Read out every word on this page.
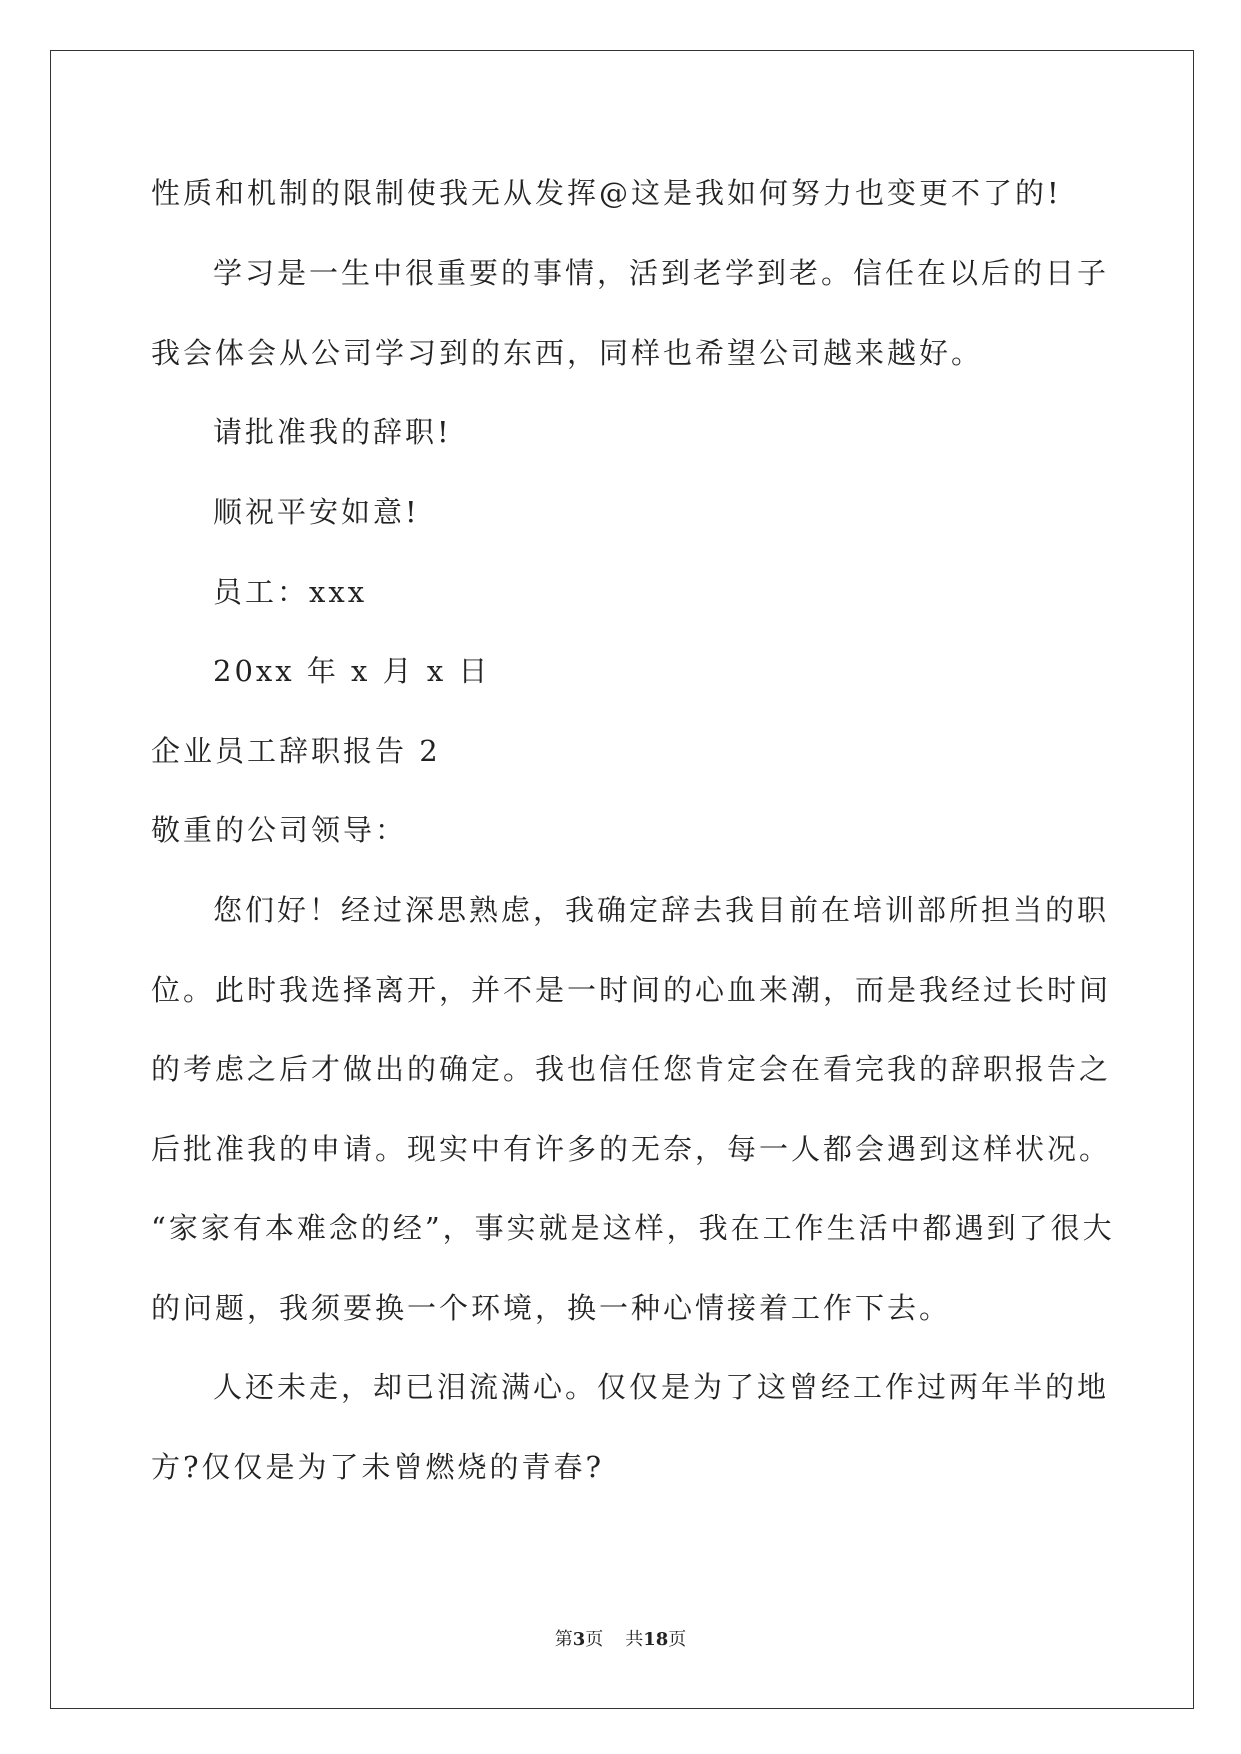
性质和机制的限制使我无从发挥@这是我如何努力也变更不了的!
学习是一生中很重要的事情，活到老学到老。信任在以后的日子
我会体会从公司学习到的东西，同样也希望公司越来越好。
请批准我的辞职!
顺祝平安如意!
员工：xxx
20xx 年 x 月 x 日
企业员工辞职报告 2
敬重的公司领导：
您们好！经过深思熟虑，我确定辞去我目前在培训部所担当的职
位。此时我选择离开，并不是一时间的心血来潮，而是我经过长时间
的考虑之后才做出的确定。我也信任您肯定会在看完我的辞职报告之
后批准我的申请。现实中有许多的无奈，每一人都会遇到这样状况。
“家家有本难念的经”，事实就是这样，我在工作生活中都遇到了很大
的问题，我须要换一个环境，换一种心情接着工作下去。
人还未走，却已泪流满心。仅仅是为了这曾经工作过两年半的地
方?仅仅是为了未曾燃烧的青春?
第3页 共18页
